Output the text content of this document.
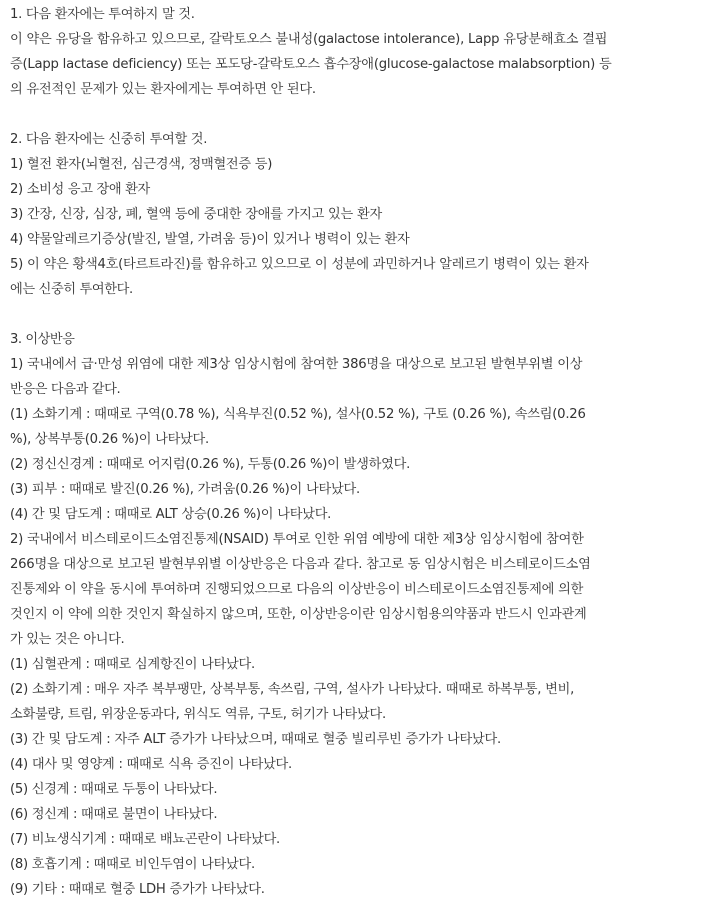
1. 다음 환자에는 투여하지 말 것.
이 약은 유당을 함유하고 있으므로, 갈락토오스 불내성(galactose intolerance), Lapp 유당분해효소 결핍
증(Lapp lactase deficiency) 또는 포도당-갈락토오스 흡수장애(glucose-galactose malabsorption) 등
의 유전적인 문제가 있는 환자에게는 투여하면 안 된다.
2. 다음 환자에는 신중히 투여할 것.
1) 혈전 환자(뇌혈전, 심근경색, 정맥혈전증 등)
2) 소비성 응고 장애 환자
3) 간장, 신장, 심장, 폐, 혈액 등에 중대한 장애를 가지고 있는 환자
4) 약물알레르기증상(발진, 발열, 가려움 등)이 있거나 병력이 있는 환자
5) 이 약은 황색4호(타르트라진)를 함유하고 있으므로 이 성분에 과민하거나 알레르기 병력이 있는 환자
에는 신중히 투여한다.
3. 이상반응
1) 국내에서 급·만성 위염에 대한 제3상 임상시험에 참여한 386명을 대상으로 보고된 발현부위별 이상
반응은 다음과 같다.
(1) 소화기계 : 때때로 구역(0.78 %), 식욕부진(0.52 %), 설사(0.52 %), 구토 (0.26 %), 속쓰림(0.26
%), 상복부통(0.26 %)이 나타났다.
(2) 정신신경계 : 때때로 어지럼(0.26 %), 두통(0.26 %)이 발생하였다.
(3) 피부 : 때때로 발진(0.26 %), 가려움(0.26 %)이 나타났다.
(4) 간 및 담도계 : 때때로 ALT 상승(0.26 %)이 나타났다.
2) 국내에서 비스테로이드소염진통제(NSAID) 투여로 인한 위염 예방에 대한 제3상 임상시험에 참여한
266명을 대상으로 보고된 발현부위별 이상반응은 다음과 같다. 참고로 동 임상시험은 비스테로이드소염
진통제와 이 약을 동시에 투여하며 진행되었으므로 다음의 이상반응이 비스테로이드소염진통제에 의한
것인지 이 약에 의한 것인지 확실하지 않으며, 또한, 이상반응이란 임상시험용의약품과 반드시 인과관계
가 있는 것은 아니다.
(1) 심혈관계 : 때때로 심계항진이 나타났다.
(2) 소화기계 : 매우 자주 복부팽만, 상복부통, 속쓰림, 구역, 설사가 나타났다. 때때로 하복부통, 변비,
소화불량, 트림, 위장운동과다, 위식도 역류, 구토, 허기가 나타났다.
(3) 간 및 담도계 : 자주 ALT 증가가 나타났으며, 때때로 혈중 빌리루빈 증가가 나타났다.
(4) 대사 및 영양계 : 때때로 식욕 증진이 나타났다.
(5) 신경계 : 때때로 두통이 나타났다.
(6) 정신계 : 때때로 불면이 나타났다.
(7) 비뇨생식기계 : 때때로 배뇨곤란이 나타났다.
(8) 호흡기계 : 때때로 비인두염이 나타났다.
(9) 기타 : 때때로 혈중 LDH 증가가 나타났다.
